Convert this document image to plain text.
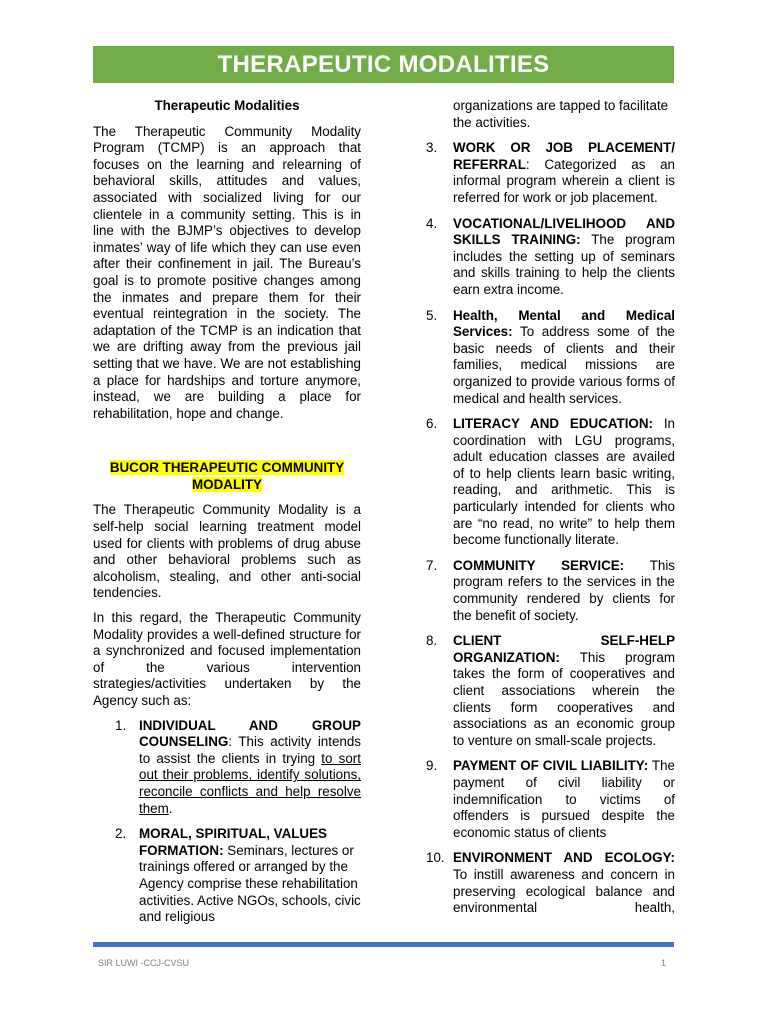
THERAPEUTIC MODALITIES
Therapeutic Modalities

The Therapeutic Community Modality Program (TCMP) is an approach that focuses on the learning and relearning of behavioral skills, attitudes and values, associated with socialized living for our clientele in a community setting. This is in line with the BJMP’s objectives to develop inmates’ way of life which they can use even after their confinement in jail. The Bureau’s goal is to promote positive changes among the inmates and prepare them for their eventual reintegration in the society. The adaptation of the TCMP is an indication that we are drifting away from the previous jail setting that we have. We are not establishing a place for hardships and torture anymore, instead, we are building a place for rehabilitation, hope and change.

BUCOR THERAPEUTIC COMMUNITY
MODALITY

The Therapeutic Community Modality is a self-help social learning treatment model used for clients with problems of drug abuse and other behavioral problems such as alcoholism, stealing, and other anti-social tendencies.

In this regard, the Therapeutic Community Modality provides a well-defined structure for a synchronized and focused implementation of the various intervention strategies/activities undertaken by the Agency such as:

1. INDIVIDUAL AND GROUP COUNSELING: This activity intends to assist the clients in trying to sort out their problems, identify solutions, reconcile conflicts and help resolve them.
2. MORAL, SPIRITUAL, VALUES FORMATION: Seminars, lectures or trainings offered or arranged by the Agency comprise these rehabilitation activities. Active NGOs, schools, civic and religious
organizations are tapped to facilitate the activities.
3.	WORK OR JOB PLACEMENT/ REFERRAL: Categorized as an informal program wherein a client is referred for work or job placement.
4.	VOCATIONAL/LIVELIHOOD AND SKILLS TRAINING: The program includes the setting up of seminars and skills training to help the clients earn extra income.
5.	Health, Mental and Medical Services: To address some of the basic needs of clients and their families, medical missions are organized to provide various forms of medical and health services.
6.	LITERACY AND EDUCATION: In coordination with LGU programs, adult education classes are availed of to help clients learn basic writing, reading, and arithmetic. This is particularly intended for clients who are “no read, no write” to help them become functionally literate.
7.	COMMUNITY SERVICE: This program refers to the services in the community rendered by clients for the benefit of society.
8.	CLIENT SELF-HELP ORGANIZATION: This program takes the form of cooperatives and client associations wherein the clients form cooperatives and associations as an economic group to venture on small-scale projects.
9.	PAYMENT OF CIVIL LIABILITY: The payment of civil liability or indemnification to victims of offenders is pursued despite the economic status of clients
10. ENVIRONMENT AND ECOLOGY: To instill awareness and concern in preserving ecological balance and environmental health,
SIR LUWI -CCJ-CVSU	1
